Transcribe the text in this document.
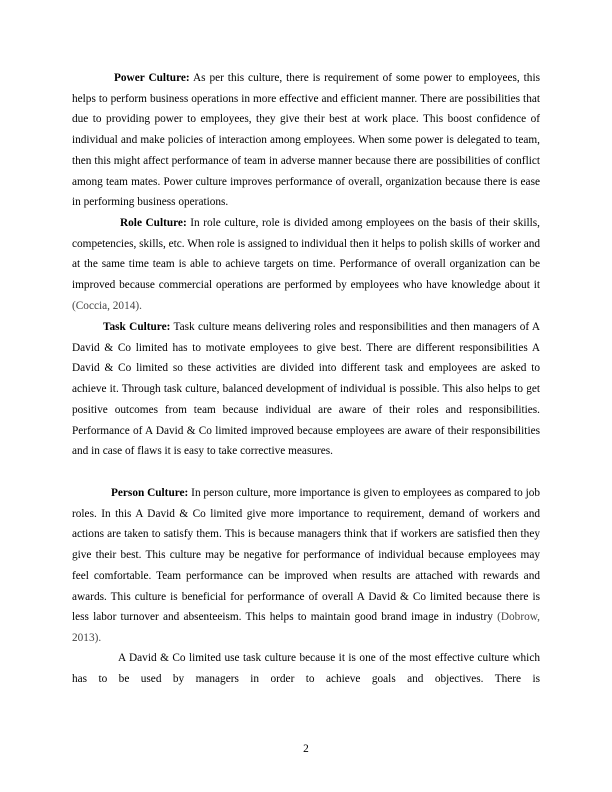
Power Culture: As per this culture, there is requirement of some power to employees, this helps to perform business operations in more effective and efficient manner. There are possibilities that due to providing power to employees, they give their best at work place. This boost confidence of individual and make policies of interaction among employees. When some power is delegated to team, then this might affect performance of team in adverse manner because there are possibilities of conflict among team mates. Power culture improves performance of overall, organization because there is ease in performing business operations.

Role Culture: In role culture, role is divided among employees on the basis of their skills, competencies, skills, etc. When role is assigned to individual then it helps to polish skills of worker and at the same time team is able to achieve targets on time. Performance of overall organization can be improved because commercial operations are performed by employees who have knowledge about it (Coccia, 2014).

Task Culture: Task culture means delivering roles and responsibilities and then managers of A David & Co limited has to motivate employees to give best. There are different responsibilities A David & Co limited so these activities are divided into different task and employees are asked to achieve it. Through task culture, balanced development of individual is possible. This also helps to get positive outcomes from team because individual are aware of their roles and responsibilities. Performance of A David & Co limited improved because employees are aware of their responsibilities and in case of flaws it is easy to take corrective measures.

Person Culture: In person culture, more importance is given to employees as compared to job roles. In this A David & Co limited give more importance to requirement, demand of workers and actions are taken to satisfy them. This is because managers think that if workers are satisfied then they give their best. This culture may be negative for performance of individual because employees may feel comfortable. Team performance can be improved when results are attached with rewards and awards. This culture is beneficial for performance of overall A David & Co limited because there is less labor turnover and absenteeism. This helps to maintain good brand image in industry (Dobrow, 2013).

A David & Co limited use task culture because it is one of the most effective culture which has to be used by managers in order to achieve goals and objectives. There is

2
